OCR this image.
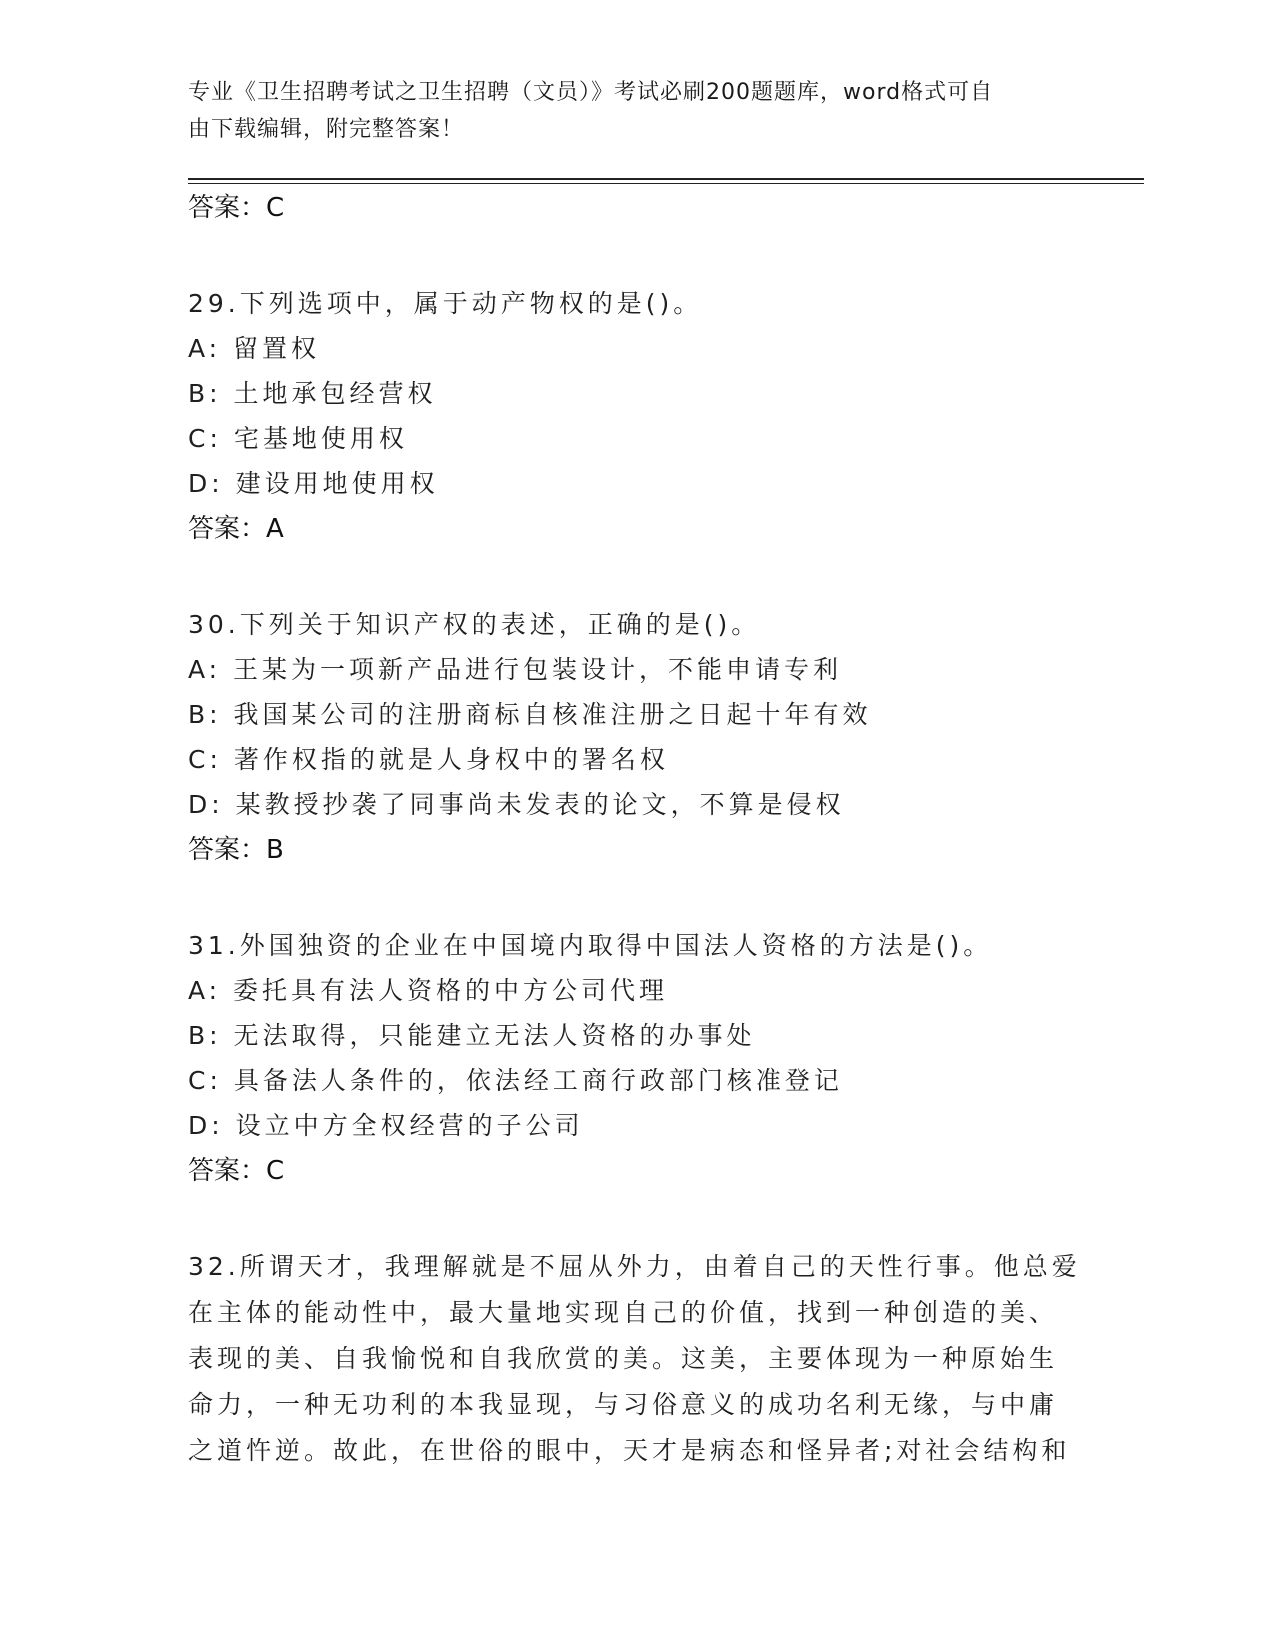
专业《卫生招聘考试之卫生招聘（文员）》考试必刷200题题库，word格式可自
由下载编辑，附完整答案！
答案：C
29.下列选项中，属于动产物权的是()。
A: 留置权
B: 土地承包经营权
C: 宅基地使用权
D: 建设用地使用权
答案：A
30.下列关于知识产权的表述，正确的是()。
A: 王某为一项新产品进行包装设计，不能申请专利
B: 我国某公司的注册商标自核准注册之日起十年有效
C: 著作权指的就是人身权中的署名权
D: 某教授抄袭了同事尚未发表的论文，不算是侵权
答案：B
31.外国独资的企业在中国境内取得中国法人资格的方法是()。
A: 委托具有法人资格的中方公司代理
B: 无法取得，只能建立无法人资格的办事处
C: 具备法人条件的，依法经工商行政部门核准登记
D: 设立中方全权经营的子公司
答案：C
32.所谓天才，我理解就是不屈从外力，由着自己的天性行事。他总爱
在主体的能动性中，最大量地实现自己的价值，找到一种创造的美、
表现的美、自我愉悦和自我欣赏的美。这美，主要体现为一种原始生
命力，一种无功利的本我显现，与习俗意义的成功名利无缘，与中庸
之道忤逆。故此，在世俗的眼中，天才是病态和怪异者;对社会结构和
